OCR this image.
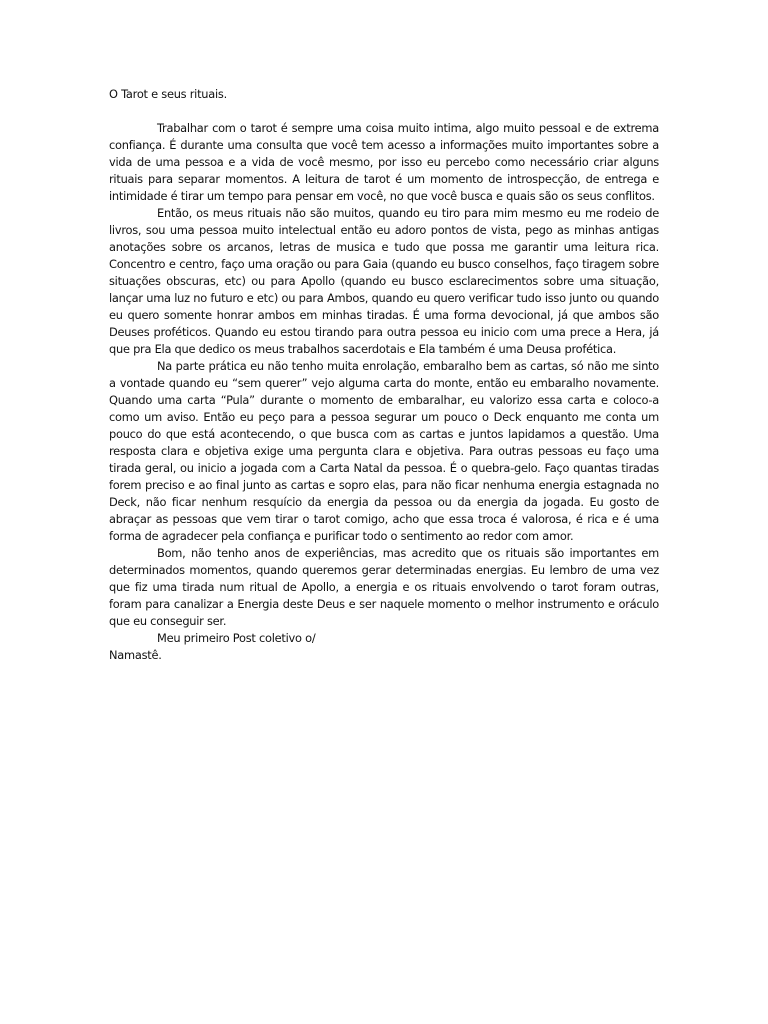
O Tarot e seus rituais.

Trabalhar com o tarot é sempre uma coisa muito intima, algo muito pessoal e de extrema confiança. É durante uma consulta que você tem acesso a informações muito importantes sobre a vida de uma pessoa e a vida de você mesmo, por isso eu percebo como necessário criar alguns rituais para separar momentos. A leitura de tarot é um momento de introspecção, de entrega e intimidade é tirar um tempo para pensar em você, no que você busca e quais são os seus conflitos.

Então, os meus rituais não são muitos, quando eu tiro para mim mesmo eu me rodeio de livros, sou uma pessoa muito intelectual então eu adoro pontos de vista, pego as minhas antigas anotações sobre os arcanos, letras de musica e tudo que possa me garantir uma leitura rica. Concentro e centro, faço uma oração ou para Gaia (quando eu busco conselhos, faço tiragem sobre situações obscuras, etc) ou para Apollo (quando eu busco esclarecimentos sobre uma situação, lançar uma luz no futuro e etc) ou para Ambos, quando eu quero verificar tudo isso junto ou quando eu quero somente honrar ambos em minhas tiradas. É uma forma devocional, já que ambos são Deuses proféticos. Quando eu estou tirando para outra pessoa eu inicio com uma prece a Hera, já que pra Ela que dedico os meus trabalhos sacerdotais e Ela também é uma Deusa profética.

Na parte prática eu não tenho muita enrolação, embaralho bem as cartas, só não me sinto a vontade quando eu “sem querer” vejo alguma carta do monte, então eu embaralho novamente. Quando uma carta “Pula” durante o momento de embaralhar, eu valorizo essa carta e coloco-a como um aviso. Então eu peço para a pessoa segurar um pouco o Deck enquanto me conta um pouco do que está acontecendo, o que busca com as cartas e juntos lapidamos a questão. Uma resposta clara e objetiva exige uma pergunta clara e objetiva. Para outras pessoas eu faço uma tirada geral, ou inicio a jogada com a Carta Natal da pessoa. É o quebra-gelo. Faço quantas tiradas forem preciso e ao final junto as cartas e sopro elas, para não ficar nenhuma energia estagnada no Deck, não ficar nenhum resquício da energia da pessoa ou da energia da jogada. Eu gosto de abraçar as pessoas que vem tirar o tarot comigo, acho que essa troca é valorosa, é rica e é uma forma de agradecer pela confiança e purificar todo o sentimento ao redor com amor.

Bom, não tenho anos de experiências, mas acredito que os rituais são importantes em determinados momentos, quando queremos gerar determinadas energias. Eu lembro de uma vez que fiz uma tirada num ritual de Apollo, a energia e os rituais envolvendo o tarot foram outras, foram para canalizar a Energia deste Deus e ser naquele momento o melhor instrumento e oráculo que eu conseguir ser.

Meu primeiro Post coletivo o/

Namastê.
